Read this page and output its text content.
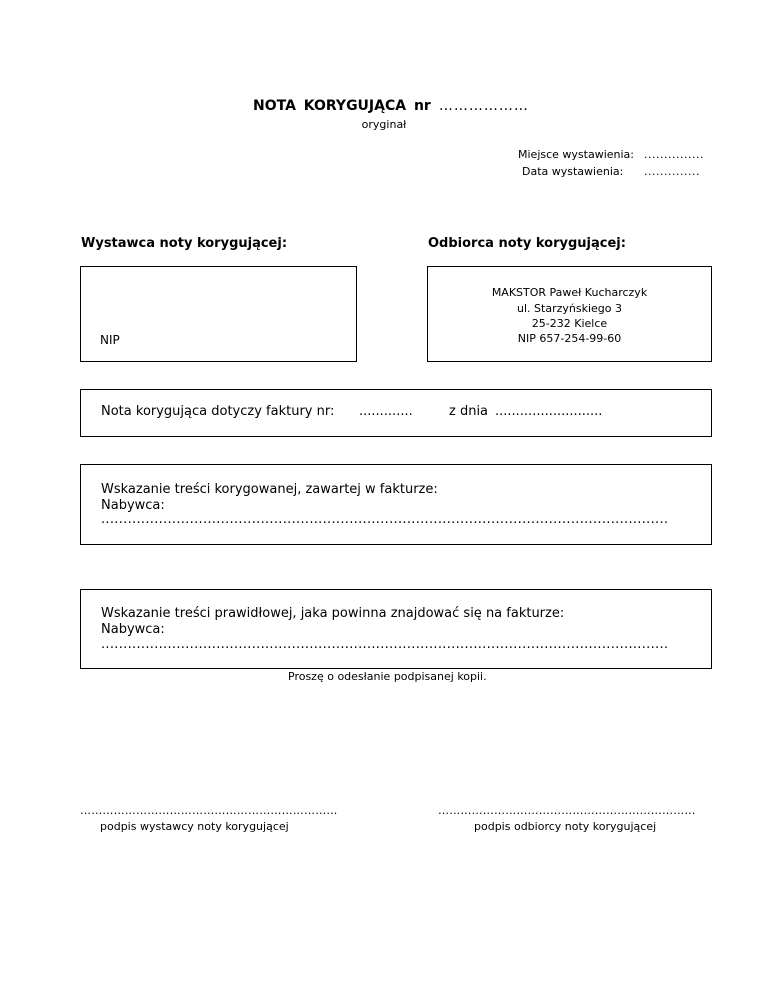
NOTA KORYGUJĄCA nr ………………
oryginał
Miejsce wystawienia: ...............
Data wystawienia: ..............
Wystawca noty korygującej:	Odbiorca noty korygującej:
NIP
MAKSTOR Paweł Kucharczyk
ul. Starzyńskiego 3
25-232 Kielce
NIP 657-254-99-60
Nota korygująca dotyczy faktury nr: .............	z dnia ..........................
Wskazanie treści korygowanej, zawartej w fakturze:
Nabywca:
................................................................................................................................
Wskazanie treści prawidłowej, jaka powinna znajdować się na fakturze:
Nabywca:
................................................................................................................................
Proszę o odesłanie podpisanej kopii.
……………………………………………………………
podpis wystawcy noty korygującej
……………………………………………………………
podpis odbiorcy noty korygującej
